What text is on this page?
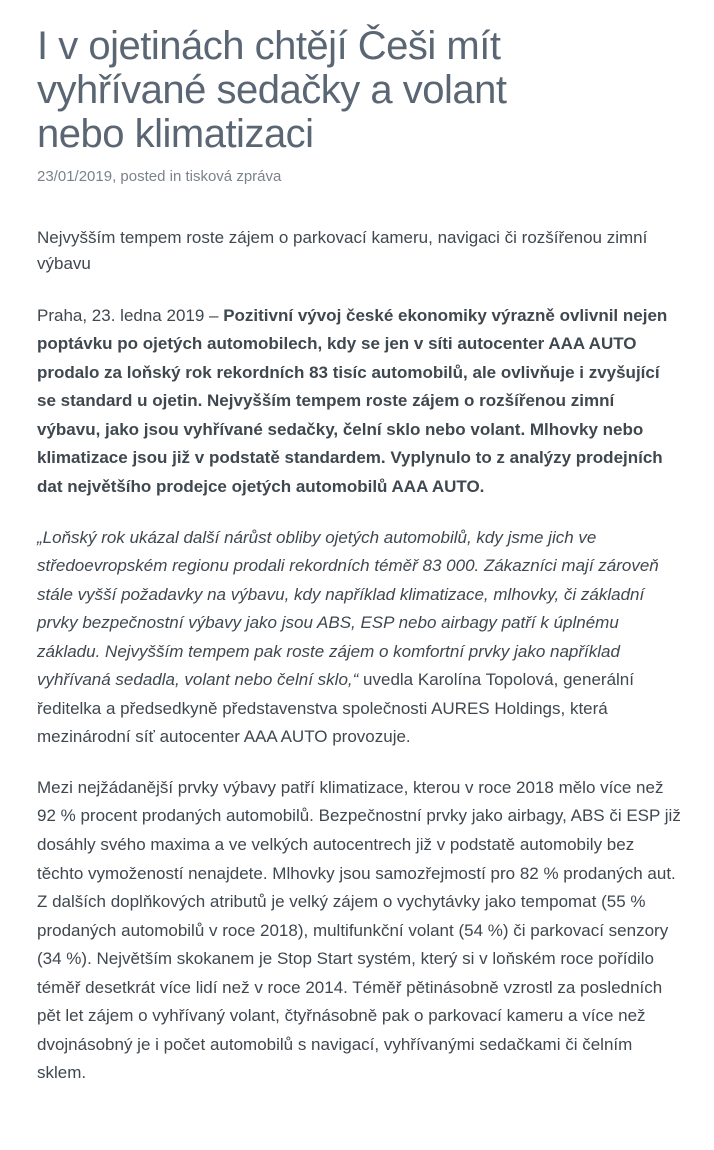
I v ojetinách chtějí Češi mít vyhřívané sedačky a volant nebo klimatizaci
23/01/2019, posted in tisková zpráva

Nejvyšším tempem roste zájem o parkovací kameru, navigaci či rozšířenou zimní výbavu

Praha, 23. ledna 2019 – Pozitivní vývoj české ekonomiky výrazně ovlivnil nejen poptávku po ojetých automobilech, kdy se jen v síti autocenter AAA AUTO prodalo za loňský rok rekordních 83 tisíc automobilů, ale ovlivňuje i zvyšující se standard u ojetin. Nejvyšším tempem roste zájem o rozšířenou zimní výbavu, jako jsou vyhřívané sedačky, čelní sklo nebo volant. Mlhovky nebo klimatizace jsou již v podstatě standardem. Vyplynulo to z analýzy prodejních dat největšího prodejce ojetých automobilů AAA AUTO.

„Loňský rok ukázal další nárůst obliby ojetých automobilů, kdy jsme jich ve středoevropském regionu prodali rekordních téměř 83 000. Zákazníci mají zároveň stále vyšší požadavky na výbavu, kdy například klimatizace, mlhovky, či základní prvky bezpečnostní výbavy jako jsou ABS, ESP nebo airbagy patří k úplnému základu. Nejvyšším tempem pak roste zájem o komfortní prvky jako například vyhřívaná sedadla, volant nebo čelní sklo,“ uvedla Karolína Topolová, generální ředitelka a předsedkyně představenstva společnosti AURES Holdings, která mezinárodní síť autocenter AAA AUTO provozuje.

Mezi nejžádanější prvky výbavy patří klimatizace, kterou v roce 2018 mělo více než 92 % procent prodaných automobilů. Bezpečnostní prvky jako airbagy, ABS či ESP již dosáhly svého maxima a ve velkých autocentrech již v podstatě automobily bez těchto vymožeností nenajdete. Mlhovky jsou samozřejmostí pro 82 % prodaných aut. Z dalších doplňkových atributů je velký zájem o vychytávky jako tempomat (55 % prodaných automobilů v roce 2018), multifunkční volant (54 %) či parkovací senzory (34 %). Největším skokanem je Stop Start systém, který si v loňském roce pořídilo téměř desetkrát více lidí než v roce 2014. Téměř pětinásobně vzrostl za posledních pět let zájem o vyhřívaný volant, čtyřnásobně pak o parkovací kameru a více než dvojnásobný je i počet automobilů s navigací, vyhřívanými sedačkami či čelním sklem.
